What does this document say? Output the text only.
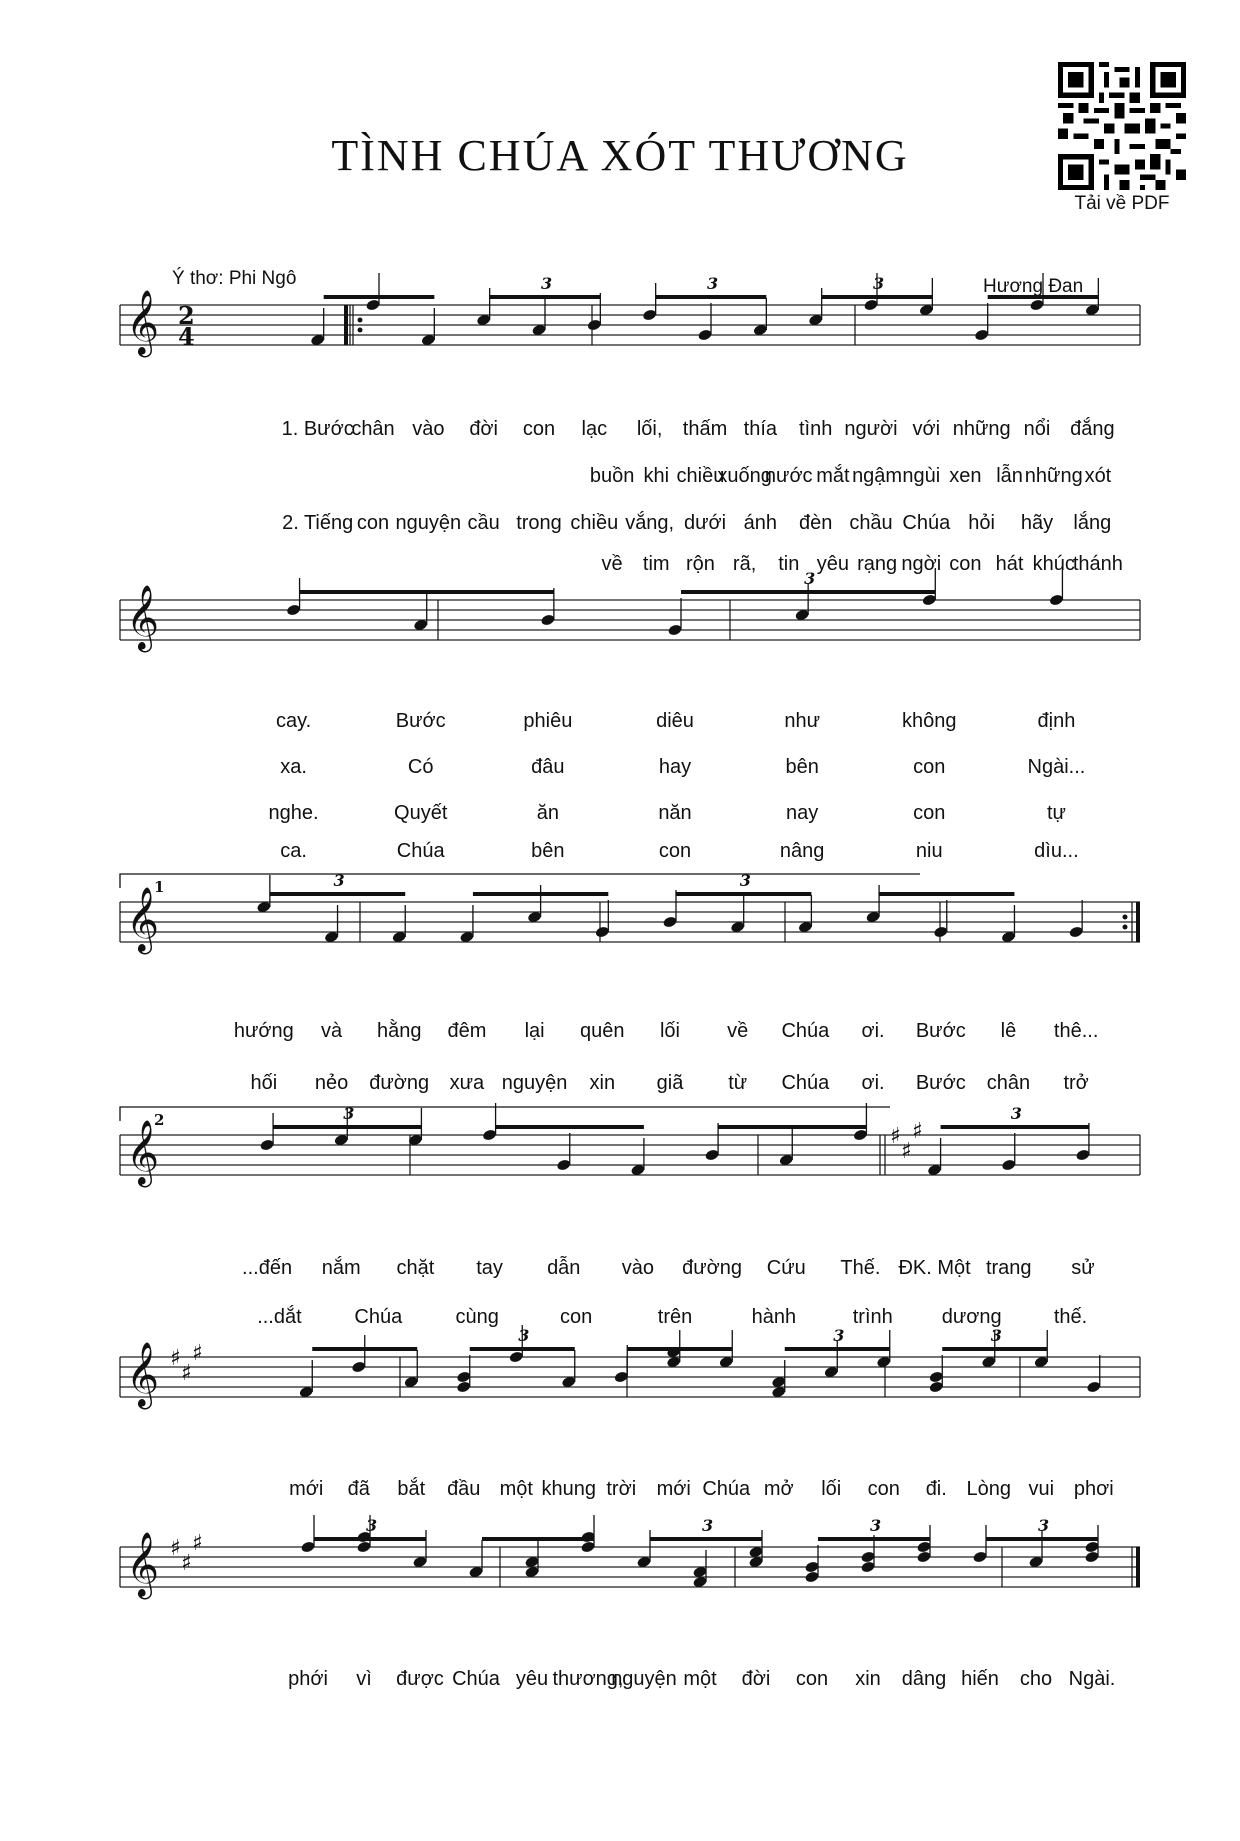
TÌNH CHÚA XÓT THƯƠNG
Ý thơ: Phi Ngô	Hương Đan
Tải về PDF
𝄞 2
4
3	3	3
𝄞
3
𝄞
1	3	3
𝄞	♯
♯
♯
2	3	3
𝄞 ♯
♯
♯
3	3	3
𝄞 ♯
♯
♯
3	3	3	3
1. Bước
chân vào đời con lạc lối, thấm thía tình người với những nổi đắng
buồn khi chiều
xuống
nước mắt ngậm ngùi xen lẫn những xót
2. Tiếng con nguyện cầu trong chiều vắng, dưới ánh đèn chầu Chúa hỏi hãy lắng
về tim rộn rã, tin yêu rạng ngời con hát khúc
thánh
cay.	Bước	phiêu	diêu	như	không	định
xa.	Có	đâu	hay	bên	con	Ngài...
nghe.	Quyết	ăn	năn	nay	con	tự
ca.	Chúa	bên	con	nâng	niu	dìu...
hướng và hằng đêm lại quên lối về Chúa ơi. Bước lê thê...
hối nẻo đường xưa nguyện xin giã từ Chúa ơi. Bước chân trở
...đến nắm chặt tay dẫn vào đường Cứu Thế. ĐK. Một trang sử
...dắt	Chúa	cùng	con	trên	hành	trình dương	thế.
mới đã bắt đầu một khung trời mới Chúa mở lối con đi. Lòng vui phơi
phới vì được Chúa yêu thương,
nguyện một đời con xin dâng hiến cho Ngài.
